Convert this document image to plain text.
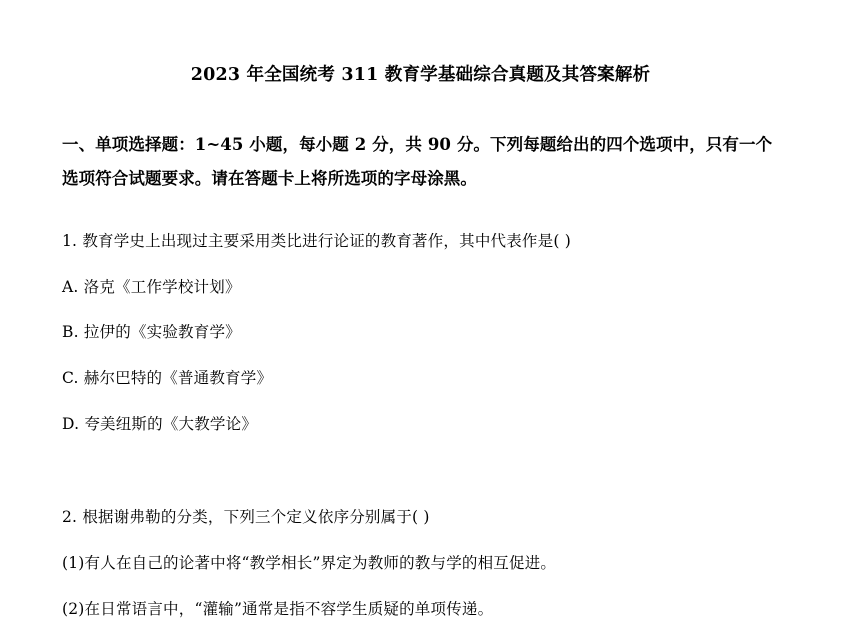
2023 年全国统考 311 教育学基础综合真题及其答案解析

一、单项选择题：1~45 小题，每小题 2 分，共 90 分。下列每题给出的四个选项中，只有一个选项符合试题要求。请在答题卡上将所选项的字母涂黑。

1. 教育学史上出现过主要采用类比进行论证的教育著作，其中代表作是( )

A. 洛克《工作学校计划》

B. 拉伊的《实验教育学》

C. 赫尔巴特的《普通教育学》

D. 夸美纽斯的《大教学论》

2. 根据谢弗勒的分类，下列三个定义依序分别属于( )

(1)有人在自己的论著中将“教学相长”界定为教师的教与学的相互促进。

(2)在日常语言中，“灌输”通常是指不容学生质疑的单项传递。
